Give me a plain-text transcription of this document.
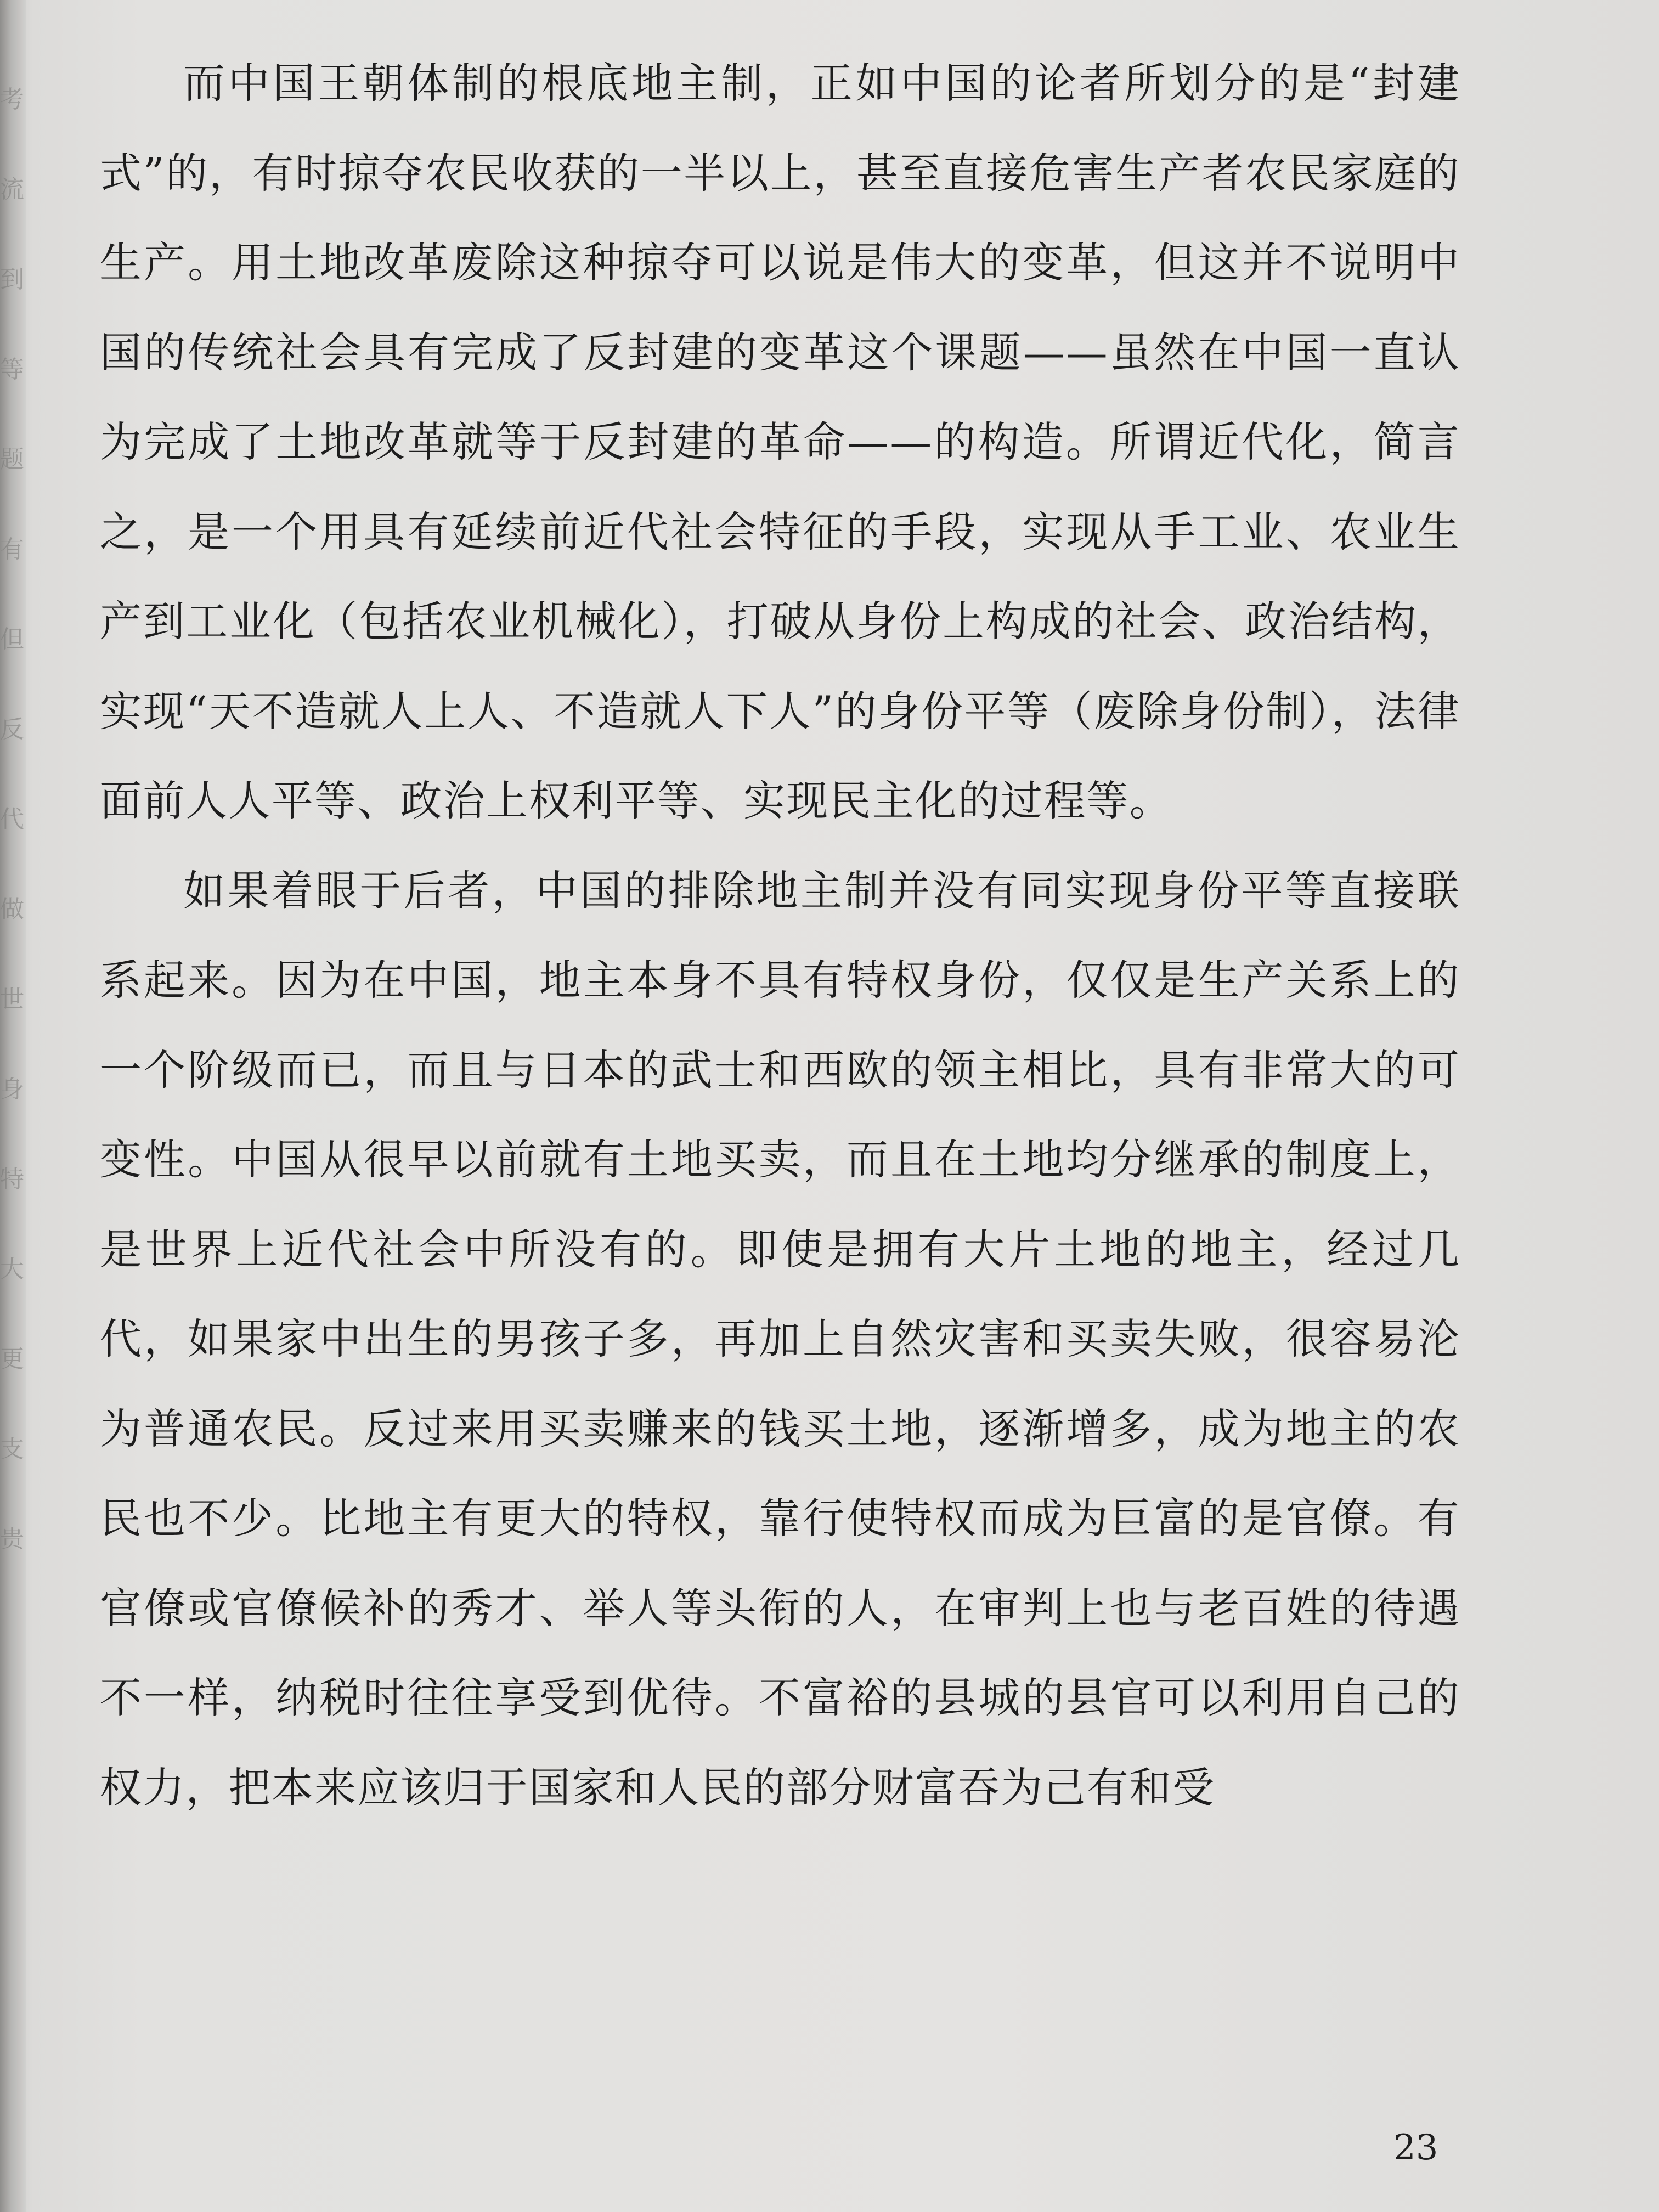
考
流
到
等
题
有
但
反
代
做
世
身
特
大
更
支
贵

而中国王朝体制的根底地主制，正如中国的论者所划分的是“封建式”的，有时掠夺农民收获的一半以上，甚至直接危害生产者农民家庭的生产。用土地改革废除这种掠夺可以说是伟大的变革，但这并不说明中国的传统社会具有完成了反封建的变革这个课题——虽然在中国一直认为完成了土地改革就等于反封建的革命——的构造。所谓近代化，简言之，是一个用具有延续前近代社会特征的手段，实现从手工业、农业生产到工业化（包括农业机械化），打破从身份上构成的社会、政治结构，实现“天不造就人上人、不造就人下人”的身份平等（废除身份制），法律面前人人平等、政治上权利平等、实现民主化的过程等。

如果着眼于后者，中国的排除地主制并没有同实现身份平等直接联系起来。因为在中国，地主本身不具有特权身份，仅仅是生产关系上的一个阶级而已，而且与日本的武士和西欧的领主相比，具有非常大的可变性。中国从很早以前就有土地买卖，而且在土地均分继承的制度上，是世界上近代社会中所没有的。即使是拥有大片土地的地主，经过几代，如果家中出生的男孩子多，再加上自然灾害和买卖失败，很容易沦为普通农民。反过来用买卖赚来的钱买土地，逐渐增多，成为地主的农民也不少。比地主有更大的特权，靠行使特权而成为巨富的是官僚。有官僚或官僚候补的秀才、举人等头衔的人，在审判上也与老百姓的待遇不一样，纳税时往往享受到优待。不富裕的县城的县官可以利用自己的权力，把本来应该归于国家和人民的部分财富吞为己有和受

23
